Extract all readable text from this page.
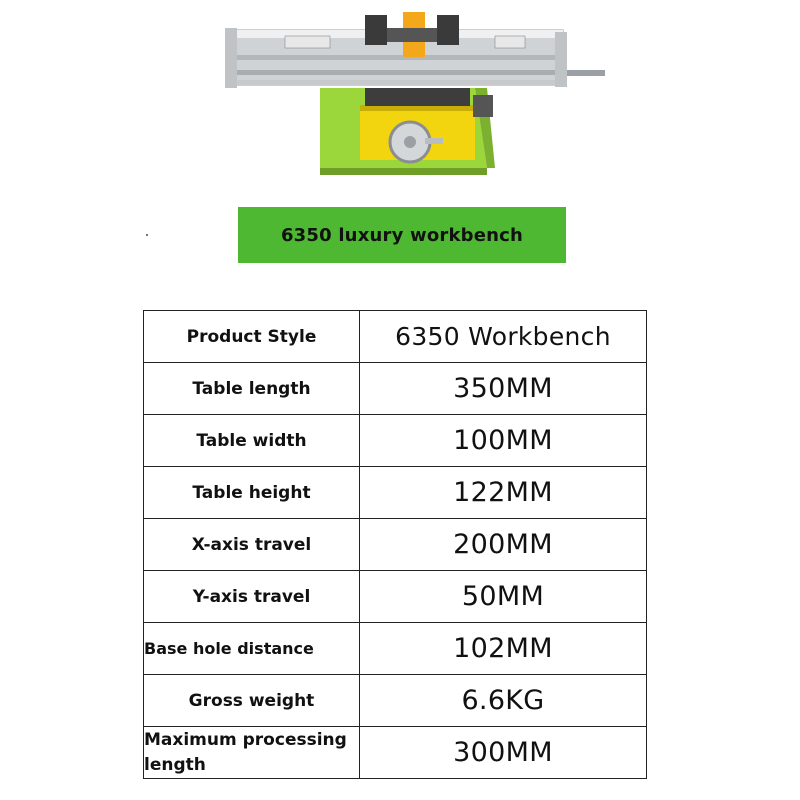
6350 luxury workbench
Product Style	6350 Workbench
Table length	350MM
Table width	100MM
Table height	122MM
X-axis travel	200MM
Y-axis travel	50MM
Base hole distance	102MM
Gross weight	6.6KG
Maximum processing length	300MM
